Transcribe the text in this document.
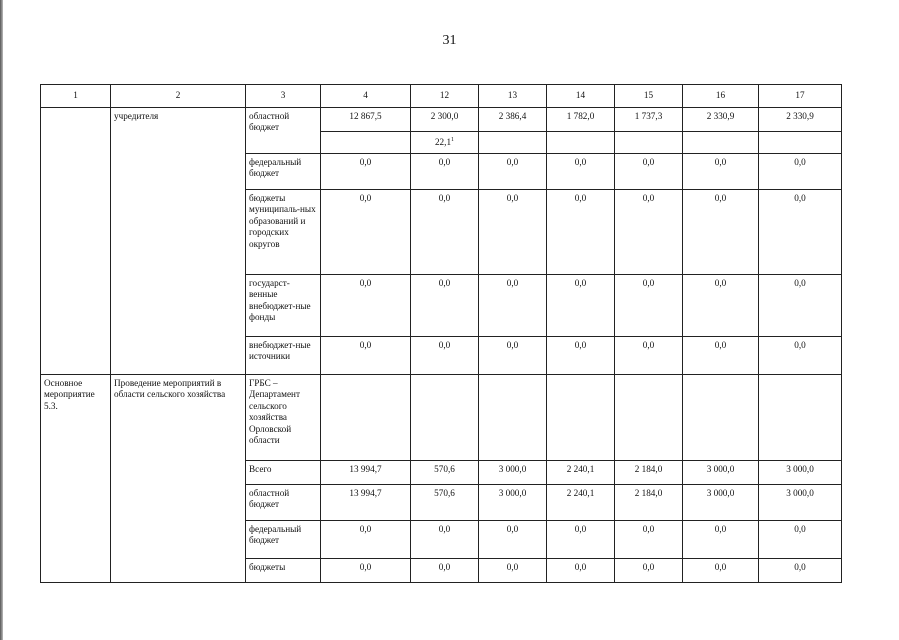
31
1	2	3	4	12	13	14	15	16	17

	учредителя	областной бюджет	12 867,5	2 300,0	2 386,4	1 782,0	1 737,3	2 330,9	2 330,9

				22,1$^1$

		федеральный бюджет	0,0	0,0	0,0	0,0	0,0	0,0	0,0

		бюджеты муниципаль-ных образований и городских округов	0,0	0,0	0,0	0,0	0,0	0,0	0,0

		государст-венные внебюджет-ные фонды	0,0	0,0	0,0	0,0	0,0	0,0	0,0

		внебюджет-ные источники	0,0	0,0	0,0	0,0	0,0	0,0	0,0

Основное мероприятие 5.3.	Проведение мероприятий в области сельского хозяйства	ГРБС – Департамент сельского хозяйства Орловской области							

		Всего	13 994,7	570,6	3 000,0	2 240,1	2 184,0	3 000,0	3 000,0

		областной бюджет	13 994,7	570,6	3 000,0	2 240,1	2 184,0	3 000,0	3 000,0

		федеральный бюджет	0,0	0,0	0,0	0,0	0,0	0,0	0,0

		бюджеты	0,0	0,0	0,0	0,0	0,0	0,0	0,0
